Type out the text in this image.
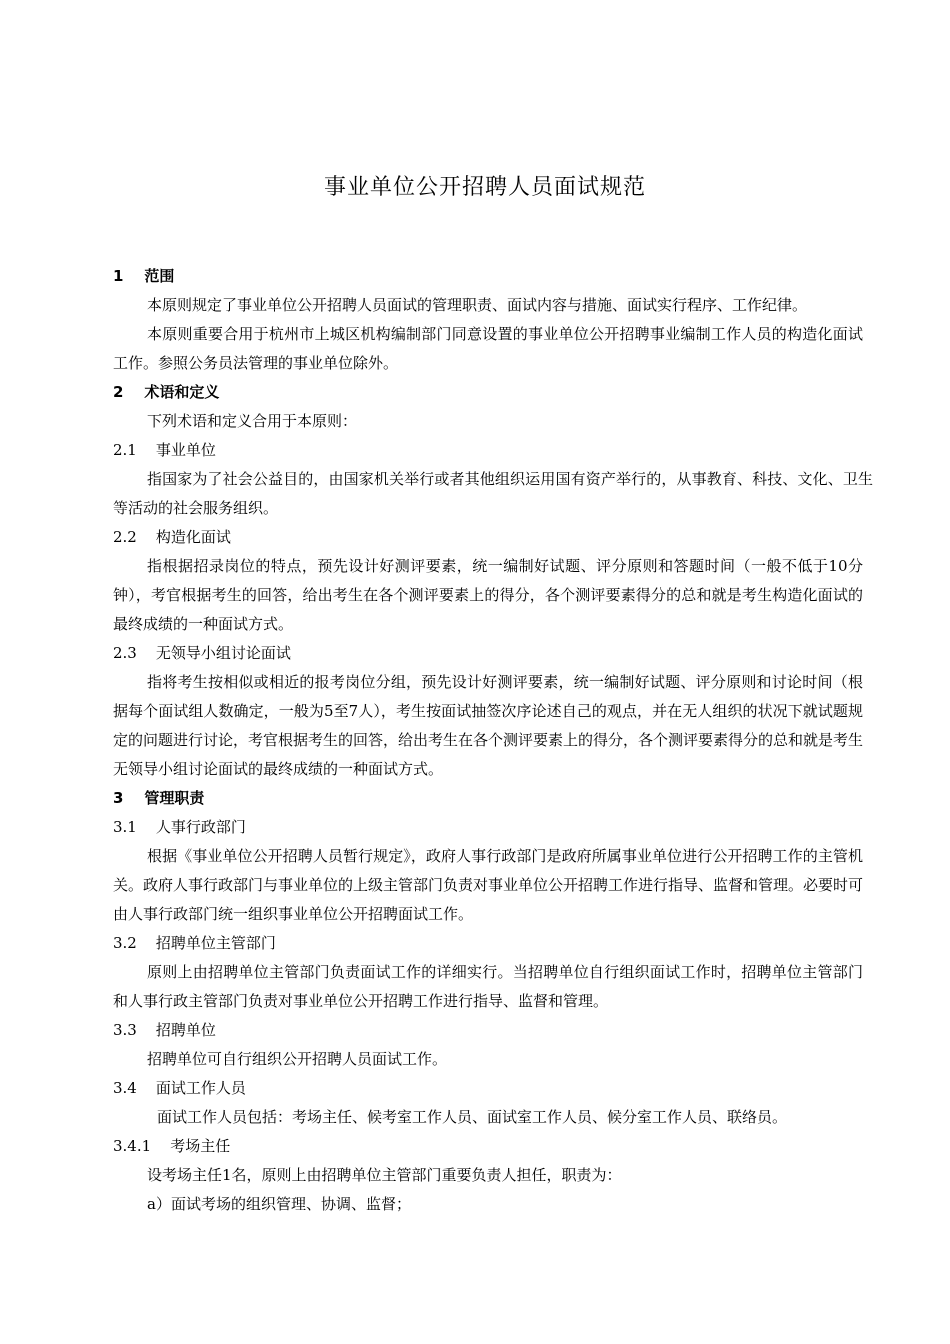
事业单位公开招聘人员面试规范
1    范围
本原则规定了事业单位公开招聘人员面试的管理职责、面试内容与措施、面试实行程序、工作纪律。
本原则重要合用于杭州市上城区机构编制部门同意设置的事业单位公开招聘事业编制工作人员的构造化面试工作。参照公务员法管理的事业单位除外。
2    术语和定义
下列术语和定义合用于本原则：
2.1    事业单位
指国家为了社会公益目的，由国家机关举行或者其他组织运用国有资产举行的，从事教育、科技、文化、卫生等活动的社会服务组织。
2.2    构造化面试
指根据招录岗位的特点，预先设计好测评要素，统一编制好试题、评分原则和答题时间（一般不低于10分钟），考官根据考生的回答，给出考生在各个测评要素上的得分，各个测评要素得分的总和就是考生构造化面试的最终成绩的一种面试方式。
2.3    无领导小组讨论面试
指将考生按相似或相近的报考岗位分组，预先设计好测评要素，统一编制好试题、评分原则和讨论时间（根据每个面试组人数确定，一般为5至7人），考生按面试抽签次序论述自己的观点，并在无人组织的状况下就试题规定的问题进行讨论，考官根据考生的回答，给出考生在各个测评要素上的得分，各个测评要素得分的总和就是考生无领导小组讨论面试的最终成绩的一种面试方式。
3    管理职责
3.1    人事行政部门
根据《事业单位公开招聘人员暂行规定》，政府人事行政部门是政府所属事业单位进行公开招聘工作的主管机关。政府人事行政部门与事业单位的上级主管部门负责对事业单位公开招聘工作进行指导、监督和管理。必要时可由人事行政部门统一组织事业单位公开招聘面试工作。
3.2    招聘单位主管部门
原则上由招聘单位主管部门负责面试工作的详细实行。当招聘单位自行组织面试工作时，招聘单位主管部门和人事行政主管部门负责对事业单位公开招聘工作进行指导、监督和管理。
3.3    招聘单位
招聘单位可自行组织公开招聘人员面试工作。
3.4    面试工作人员
面试工作人员包括：考场主任、候考室工作人员、面试室工作人员、候分室工作人员、联络员。
3.4.1    考场主任
设考场主任1名，原则上由招聘单位主管部门重要负责人担任，职责为：
a）面试考场的组织管理、协调、监督；
